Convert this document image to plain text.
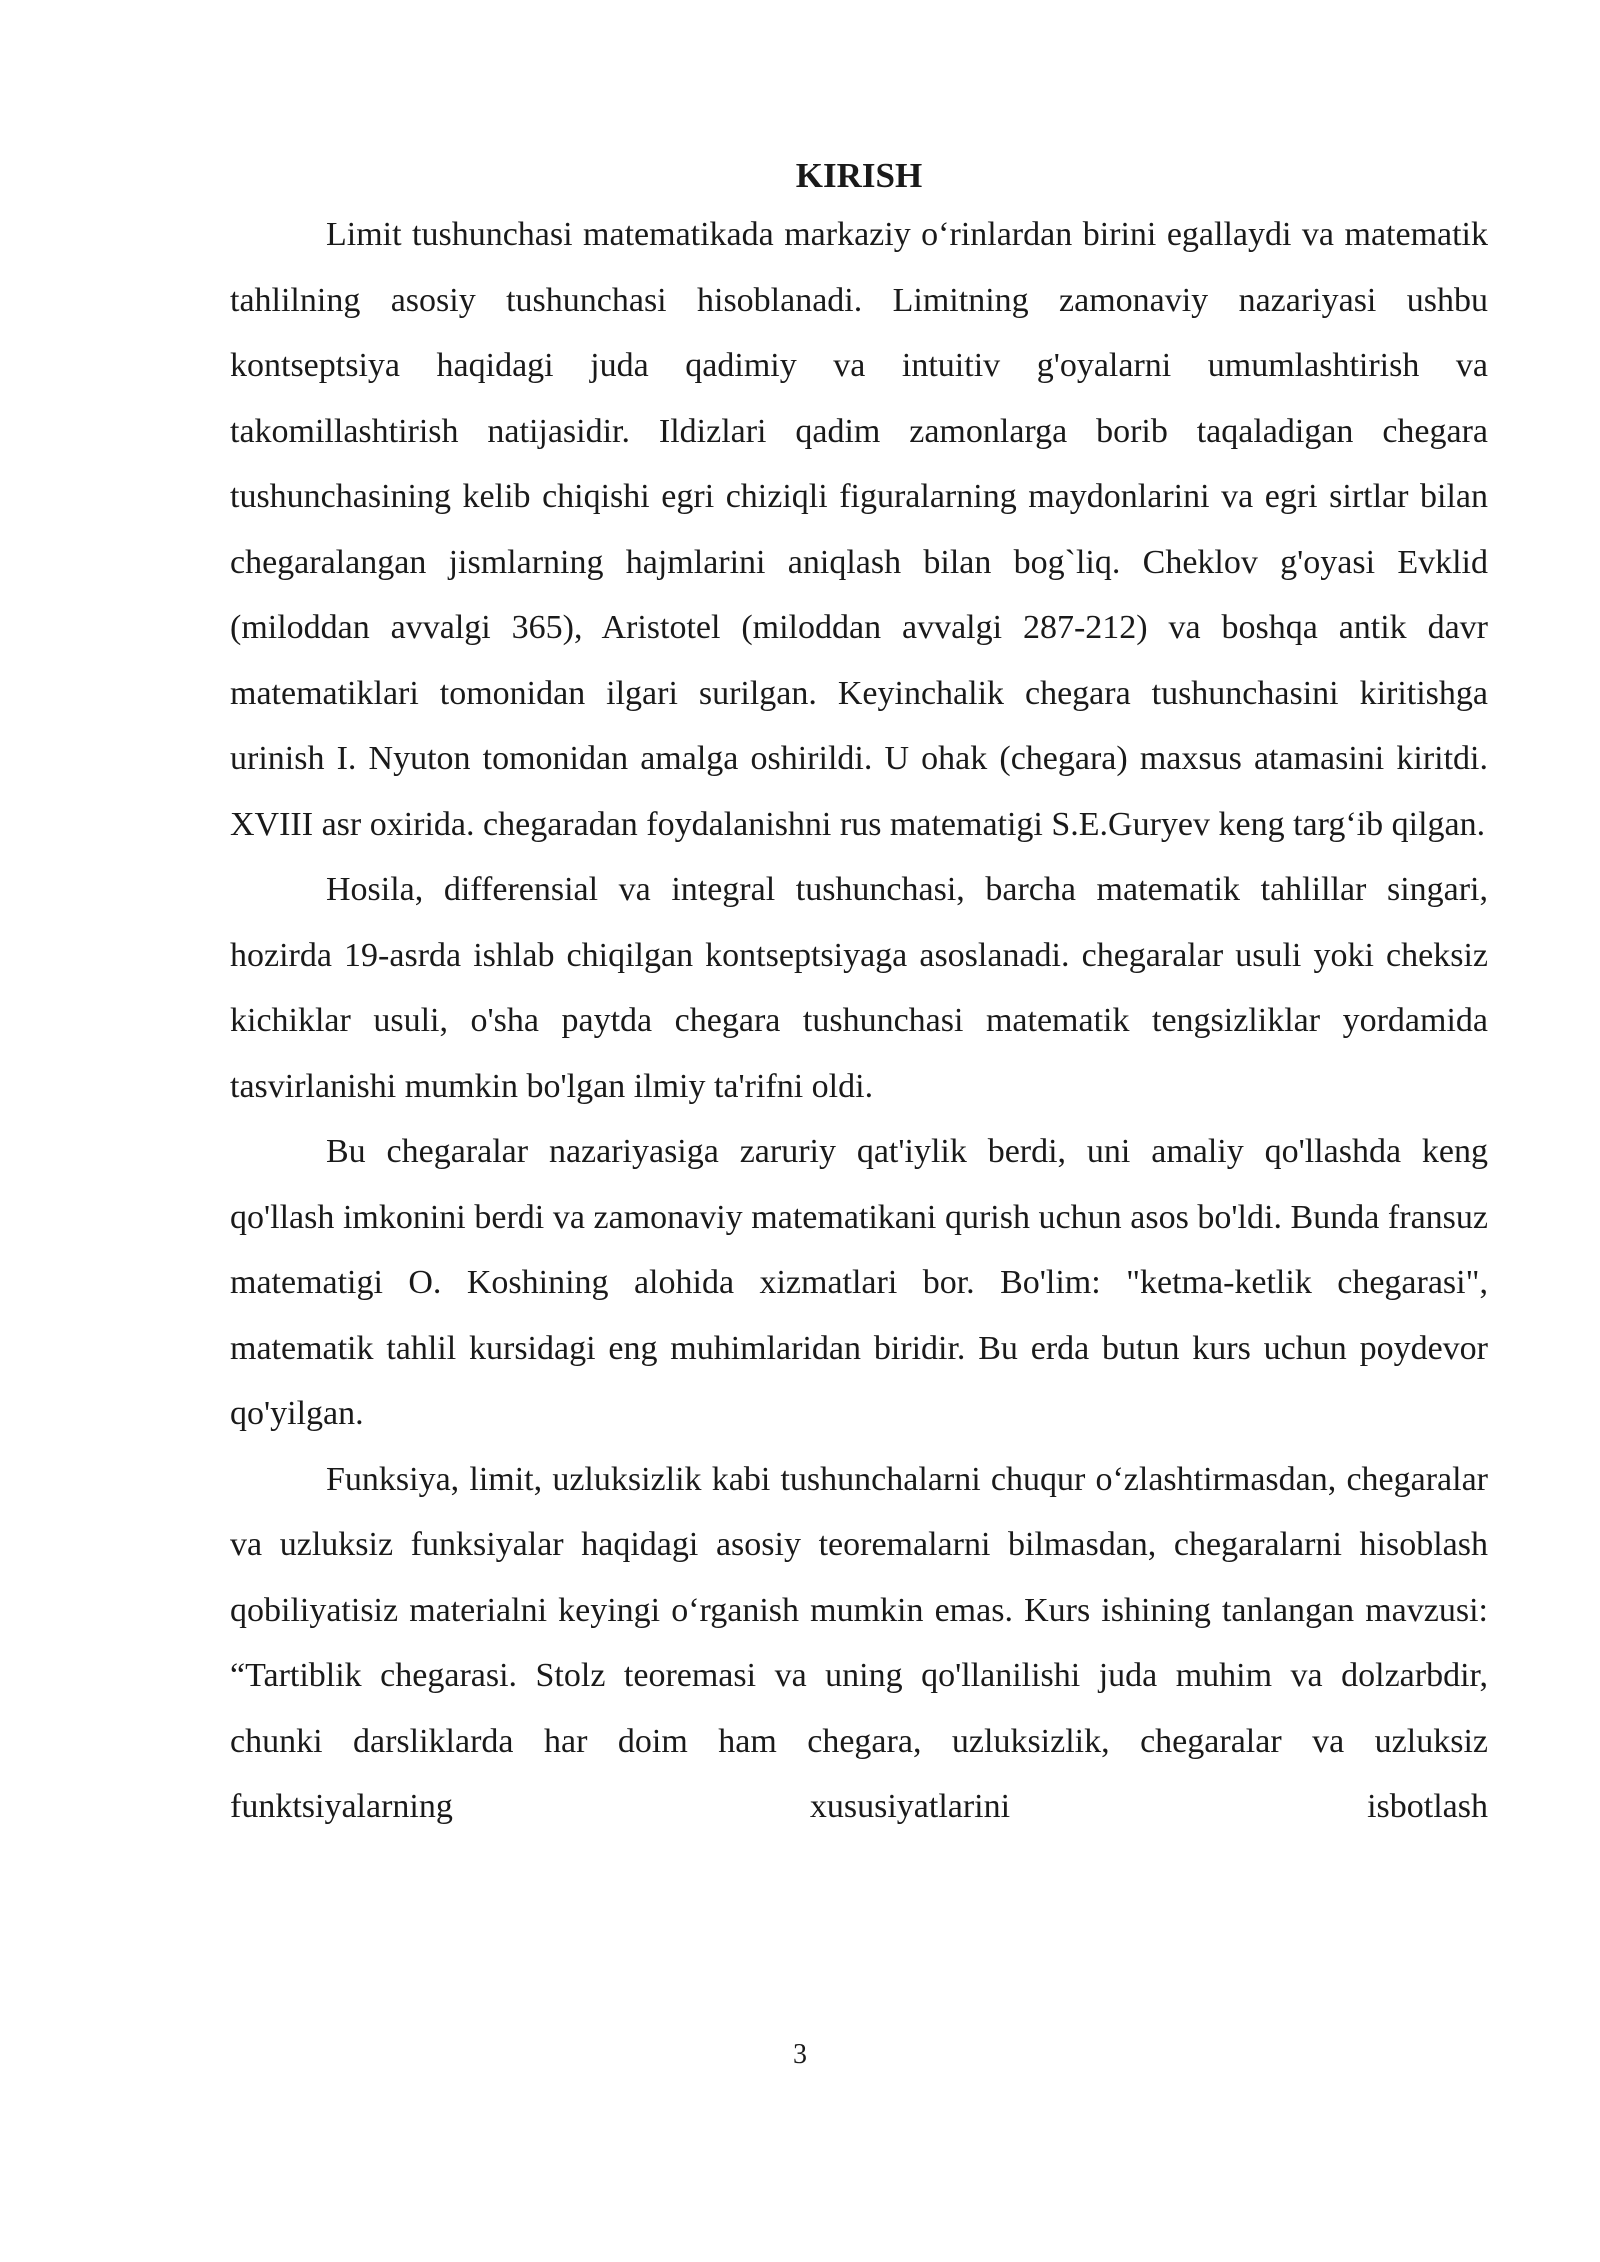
KIRISH

Limit tushunchasi matematikada markaziy o‘rinlardan birini egallaydi va matematik tahlilning asosiy tushunchasi hisoblanadi. Limitning zamonaviy nazariyasi ushbu kontseptsiya haqidagi juda qadimiy va intuitiv g'oyalarni umumlashtirish va takomillashtirish natijasidir. Ildizlari qadim zamonlarga borib taqaladigan chegara tushunchasining kelib chiqishi egri chiziqli figuralarning maydonlarini va egri sirtlar bilan chegaralangan jismlarning hajmlarini aniqlash bilan bog`liq. Cheklov g'oyasi Evklid (miloddan avvalgi 365), Aristotel (miloddan avvalgi 287-212) va boshqa antik davr matematiklari tomonidan ilgari surilgan. Keyinchalik chegara tushunchasini kiritishga urinish I. Nyuton tomonidan amalga oshirildi. U ohak (chegara) maxsus atamasini kiritdi. XVIII asr oxirida. chegaradan foydalanishni rus matematigi S.E.Guryev keng targ‘ib qilgan.

Hosila, differensial va integral tushunchasi, barcha matematik tahlillar singari, hozirda 19-asrda ishlab chiqilgan kontseptsiyaga asoslanadi. chegaralar usuli yoki cheksiz kichiklar usuli, o'sha paytda chegara tushunchasi matematik tengsizliklar yordamida tasvirlanishi mumkin bo'lgan ilmiy ta'rifni oldi.

Bu chegaralar nazariyasiga zaruriy qat'iylik berdi, uni amaliy qo'llashda keng qo'llash imkonini berdi va zamonaviy matematikani qurish uchun asos bo'ldi. Bunda fransuz matematigi O. Koshining alohida xizmatlari bor. Bo'lim: "ketma-ketlik chegarasi", matematik tahlil kursidagi eng muhimlaridan biridir. Bu erda butun kurs uchun poydevor qo'yilgan.

Funksiya, limit, uzluksizlik kabi tushunchalarni chuqur o‘zlashtirmasdan, chegaralar va uzluksiz funksiyalar haqidagi asosiy teoremalarni bilmasdan, chegaralarni hisoblash qobiliyatisiz materialni keyingi o‘rganish mumkin emas. Kurs ishining tanlangan mavzusi: “Tartiblik chegarasi. Stolz teoremasi va uning qo'llanilishi juda muhim va dolzarbdir, chunki darsliklarda har doim ham chegara, uzluksizlik, chegaralar va uzluksiz funktsiyalarning xususiyatlarini isbotlash

3
